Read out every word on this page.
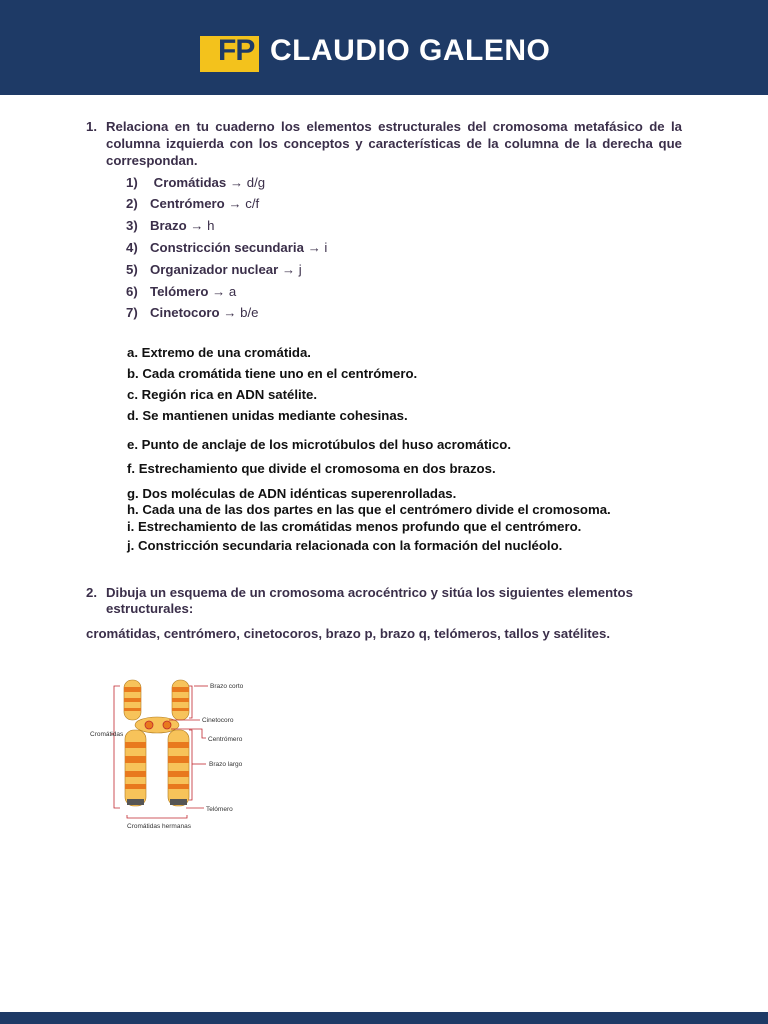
FP CLAUDIO GALENO
1. Relaciona en tu cuaderno los elementos estructurales del cromosoma metafásico de la columna izquierda con los conceptos y características de la columna de la derecha que correspondan.
1) Cromátidas → d/g
2) Centrómero → c/f
3) Brazo → h
4) Constricción secundaria → i
5) Organizador nuclear → j
6) Telómero → a
7) Cinetocoro → b/e
a. Extremo de una cromátida.
b. Cada cromátida tiene uno en el centrómero.
c. Región rica en ADN satélite.
d. Se mantienen unidas mediante cohesinas.
e. Punto de anclaje de los microtúbulos del huso acromático.
f. Estrechamiento que divide el cromosoma en dos brazos.
g. Dos moléculas de ADN idénticas superenrolladas.
h. Cada una de las dos partes en las que el centrómero divide el cromosoma.
i. Estrechamiento de las cromátidas menos profundo que el centrómero.
j. Constricción secundaria relacionada con la formación del nucléolo.
2. Dibuja un esquema de un cromosoma acrocéntrico y sitúa los siguientes elementos
estructurales:
cromátidas, centrómero, cinetocoros, brazo p, brazo q, telómeros, tallos y satélites.
Brazo corto
Cinetocoro
Cromátidas
Centrómero
Brazo largo
Telómero
Cromátidas hermanas
